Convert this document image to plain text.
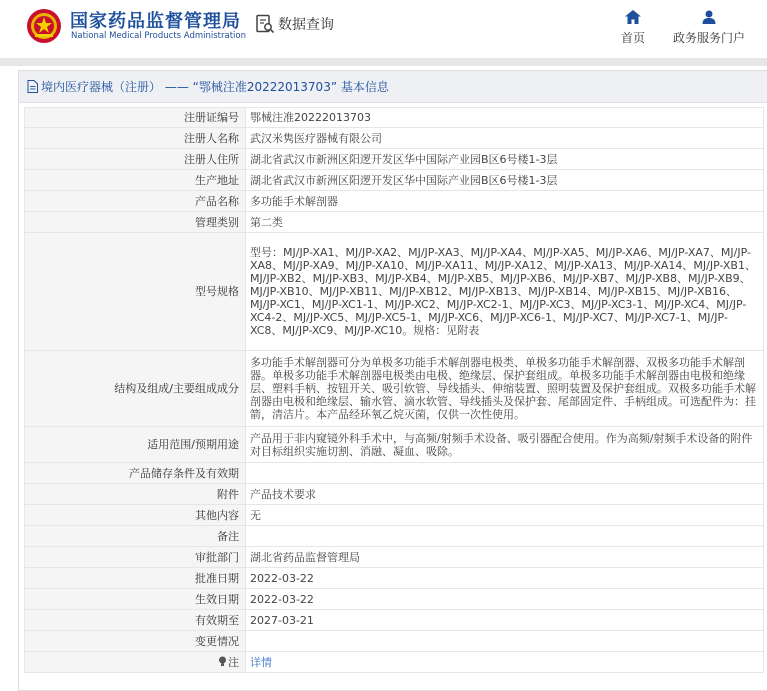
国家药品监督管理局
National Medical Products Administration
数据查询
首页	政务服务门户
境内医疗器械（注册） —— “鄂械注准20222013703” 基本信息
注册证编号	鄂械注准20222013703
注册人名称	武汉米隽医疗器械有限公司
注册人住所	湖北省武汉市新洲区阳逻开发区华中国际产业园B区6号楼1-3层
生产地址	湖北省武汉市新洲区阳逻开发区华中国际产业园B区6号楼1-3层
产品名称	多功能手术解剖器
管理类别	第二类
型号规格	型号：MJ/JP-XA1、MJ/JP-XA2、MJ/JP-XA3、MJ/JP-XA4、MJ/JP-XA5、MJ/JP-XA6、MJ/JP-XA7、MJ/JP-XA8、MJ/JP-XA9、MJ/JP-XA10、MJ/JP-XA11、MJ/JP-XA12、MJ/JP-XA13、MJ/JP-XA14、MJ/JP-XB1、MJ/JP-XB2、MJ/JP-XB3、MJ/JP-XB4、MJ/JP-XB5、MJ/JP-XB6、MJ/JP-XB7、MJ/JP-XB8、MJ/JP-XB9、MJ/JP-XB10、MJ/JP-XB11、MJ/JP-XB12、MJ/JP-XB13、MJ/JP-XB14、MJ/JP-XB15、MJ/JP-XB16、MJ/JP-XC1、MJ/JP-XC1-1、MJ/JP-XC2、MJ/JP-XC2-1、MJ/JP-XC3、MJ/JP-XC3-1、MJ/JP-XC4、MJ/JP-XC4-2、MJ/JP-XC5、MJ/JP-XC5-1、MJ/JP-XC6、MJ/JP-XC6-1、MJ/JP-XC7、MJ/JP-XC7-1、MJ/JP-XC8、MJ/JP-XC9、MJ/JP-XC10。规格：见附表
结构及组成/主要组成成分	多功能手术解剖器可分为单极多功能手术解剖器电极类、单极多功能手术解剖器、双极多功能手术解剖器。单极多功能手术解剖器电极类由电极、绝缘层、保护套组成。单极多功能手术解剖器由电极和绝缘层、塑料手柄、按钮开关、吸引软管、导线插头、伸缩装置、照明装置及保护套组成。双极多功能手术解剖器由电极和绝缘层、输水管、滴水软管、导线插头及保护套、尾部固定件、手柄组成。可选配件为：挂箭，清洁片。本产品经环氧乙烷灭菌，仅供一次性使用。
适用范围/预期用途	产品用于非内窥镜外科手术中，与高频/射频手术设备、吸引器配合使用。作为高频/射频手术设备的附件对目标组织实施切割、消融、凝血、吸除。
产品储存条件及有效期	
附件	产品技术要求
其他内容	无
备注	
审批部门	湖北省药品监督管理局
批准日期	2022-03-22
生效日期	2022-03-22
有效期至	2027-03-21
变更情况	
注	详情
